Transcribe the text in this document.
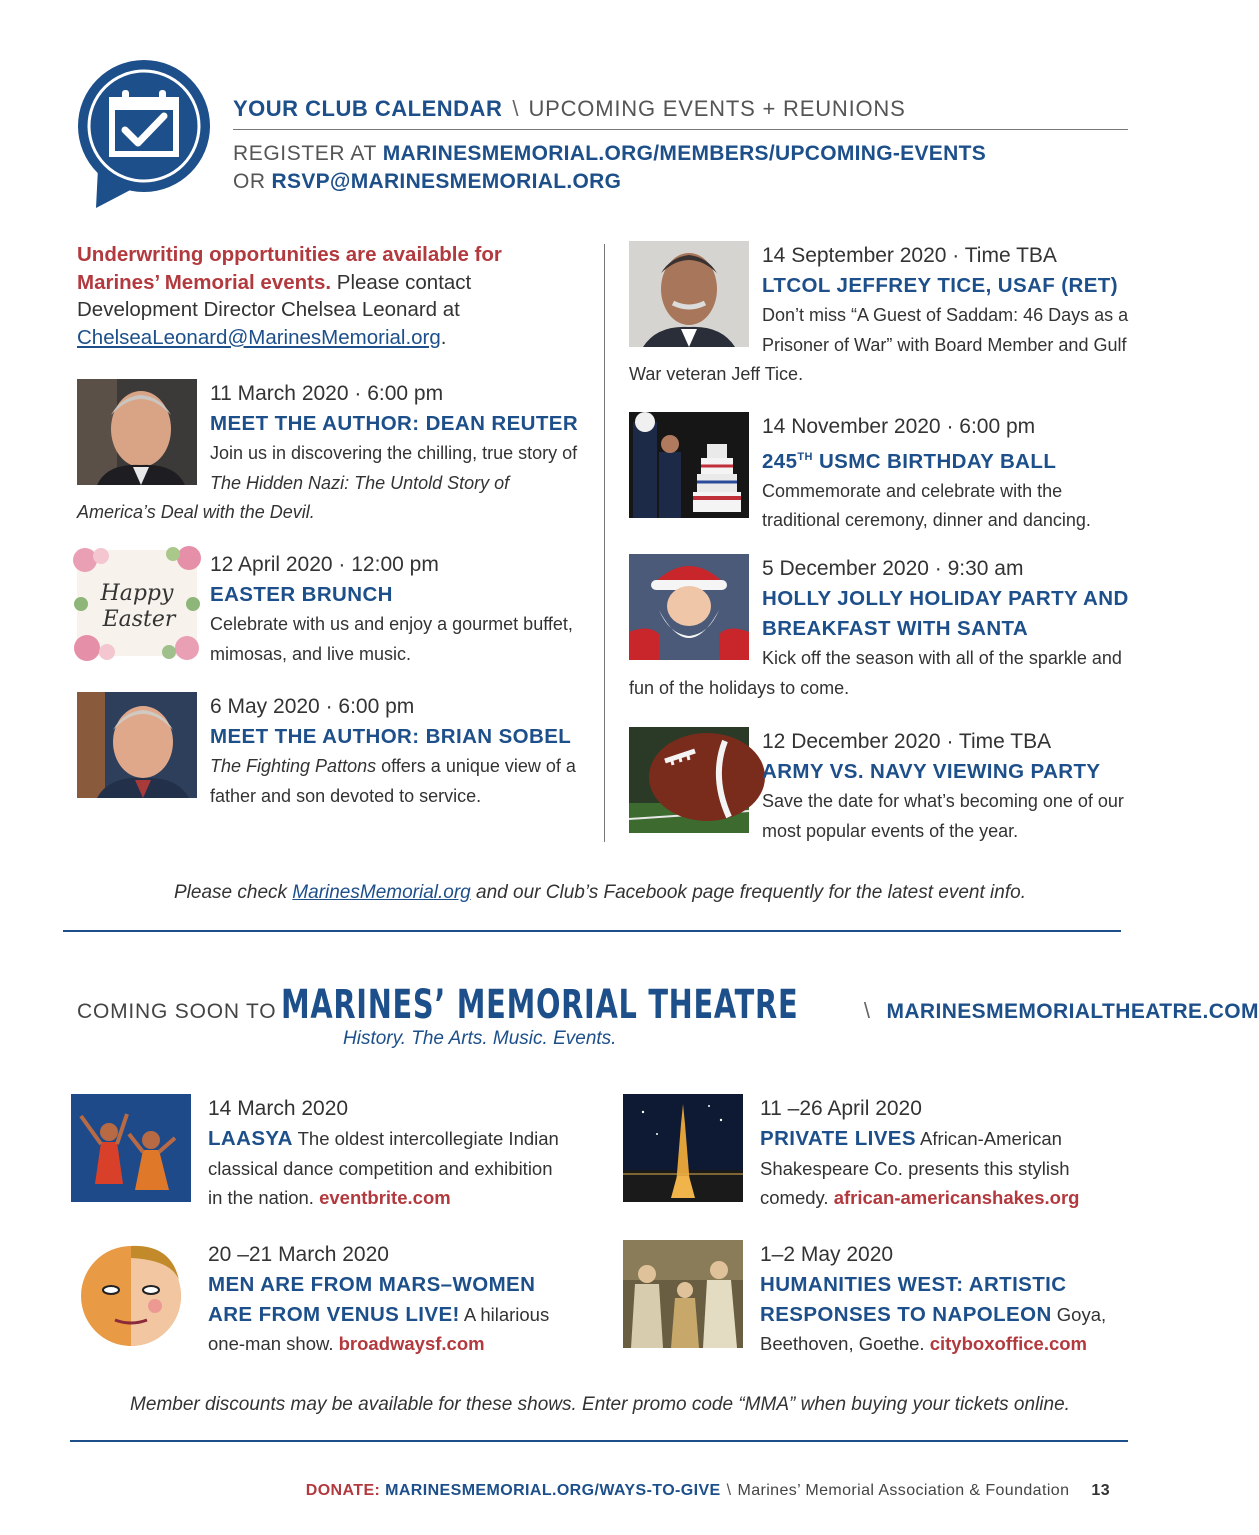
YOUR CLUB CALENDAR \ UPCOMING EVENTS + REUNIONS
REGISTER AT MARINESMEMORIAL.ORG/MEMBERS/UPCOMING-EVENTS
OR RSVP@MARINESMEMORIAL.ORG
Underwriting opportunities are available for Marines’ Memorial events. Please contact Development Director Chelsea Leonard at ChelseaLeonard@MarinesMemorial.org.
11 March 2020 · 6:00 pm
MEET THE AUTHOR: DEAN REUTER
Join us in discovering the chilling, true story of The Hidden Nazi: The Untold Story of America’s Deal with the Devil.
Happy
Easter
12 April 2020 · 12:00 pm
EASTER BRUNCH
Celebrate with us and enjoy a gourmet buffet, mimosas, and live music.
6 May 2020 · 6:00 pm
MEET THE AUTHOR: BRIAN SOBEL
The Fighting Pattons offers a unique view of a father and son devoted to service.
14 September 2020 · Time TBA
LTCOL JEFFREY TICE, USAF (RET)
Don’t miss “A Guest of Saddam: 46 Days as a Prisoner of War” with Board Member and Gulf War veteran Jeff Tice.
14 November 2020 · 6:00 pm
245TH USMC BIRTHDAY BALL
Commemorate and celebrate with the traditional ceremony, dinner and dancing.
5 December 2020 · 9:30 am
HOLLY JOLLY HOLIDAY PARTY AND BREAKFAST WITH SANTA
Kick off the season with all of the sparkle and fun of the holidays to come.
12 December 2020 · Time TBA
ARMY VS. NAVY VIEWING PARTY
Save the date for what’s becoming one of our most popular events of the year.
Please check MarinesMemorial.org and our Club’s Facebook page frequently for the latest event info.
COMING SOON TO MARINES’ MEMORIAL THEATRE	\ MARINESMEMORIALTHEATRE.COM
History. The Arts. Music. Events.
14 March 2020
LAASYA The oldest intercollegiate Indian classical dance competition and exhibition in the nation. eventbrite.com
11 –26 April 2020
PRIVATE LIVES African-American Shakespeare Co. presents this stylish comedy. african-americanshakes.org
20 –21 March 2020
MEN ARE FROM MARS–WOMEN ARE FROM VENUS LIVE! A hilarious one-man show. broadwaysf.com
1–2 May 2020
HUMANITIES WEST: ARTISTIC RESPONSES TO NAPOLEON Goya, Beethoven, Goethe. cityboxoffice.com
Member discounts may be available for these shows. Enter promo code “MMA” when buying your tickets online.
DONATE: MARINESMEMORIAL.ORG/WAYS-TO-GIVE \ Marines’ Memorial Association & Foundation 13
